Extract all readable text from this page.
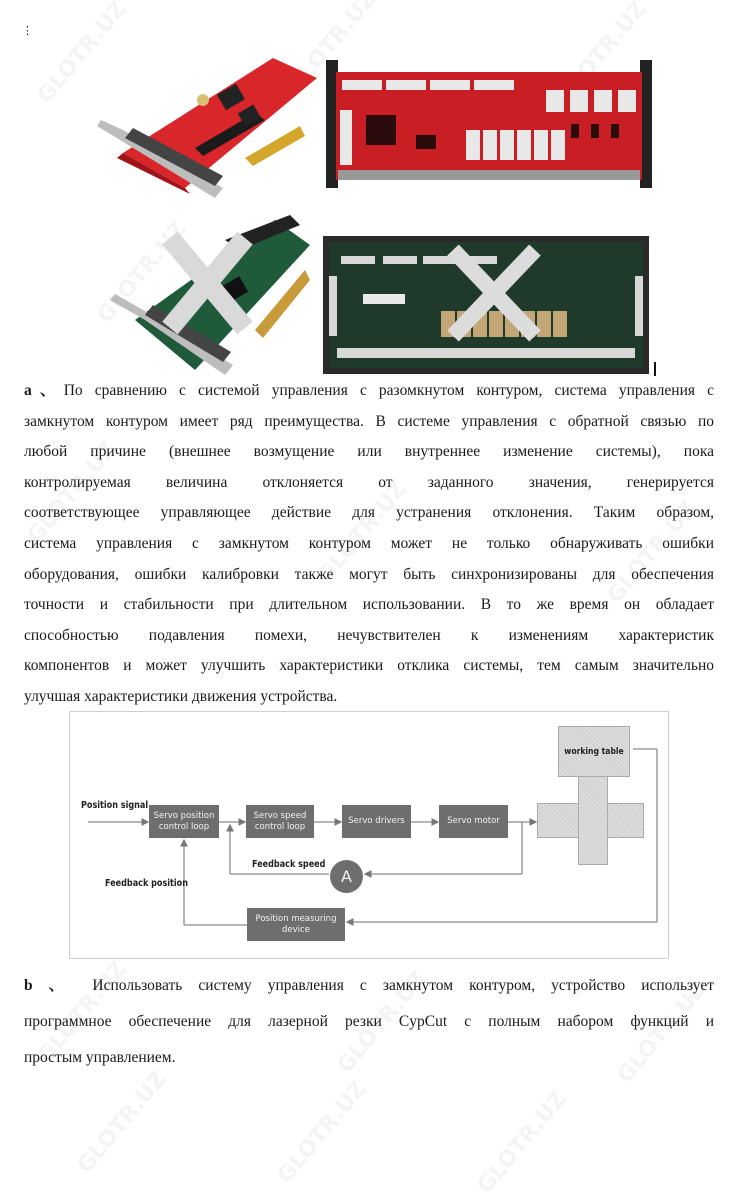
⋮
a、По сравнению с системой управления с разомкнутом контуром, система управления с
замкнутом контуром имеет ряд преимущества. В системе управления с обратной связью по
любой причине (внешнее возмущение или внутреннее изменение системы), пока
контролируемая величина отклоняется от заданного значения, генерируется
соответствующее управляющее действие для устранения отклонения. Таким образом,
система управления с замкнутом контуром может не только обнаруживать ошибки
оборудования, ошибки калибровки также могут быть синхронизированы для обеспечения
точности и стабильности при длительном использовании. В то же время он обладает
способностью подавления помехи, нечувствителен к изменениям характеристик
компонентов и может улучшить характеристики отклика системы, тем самым значительно
улучшая характеристики движения устройства.
Position signal
Servo position control loop
Servo speed control loop
Servo drivers	Servo motor
Feedback speed
A
Feedback position
Position measuring device
working table
b 、 Использовать систему управления с замкнутом контуром, устройство использует
программное обеспечение для лазерной резки CypCut с полным набором функций и
простым управлением.
